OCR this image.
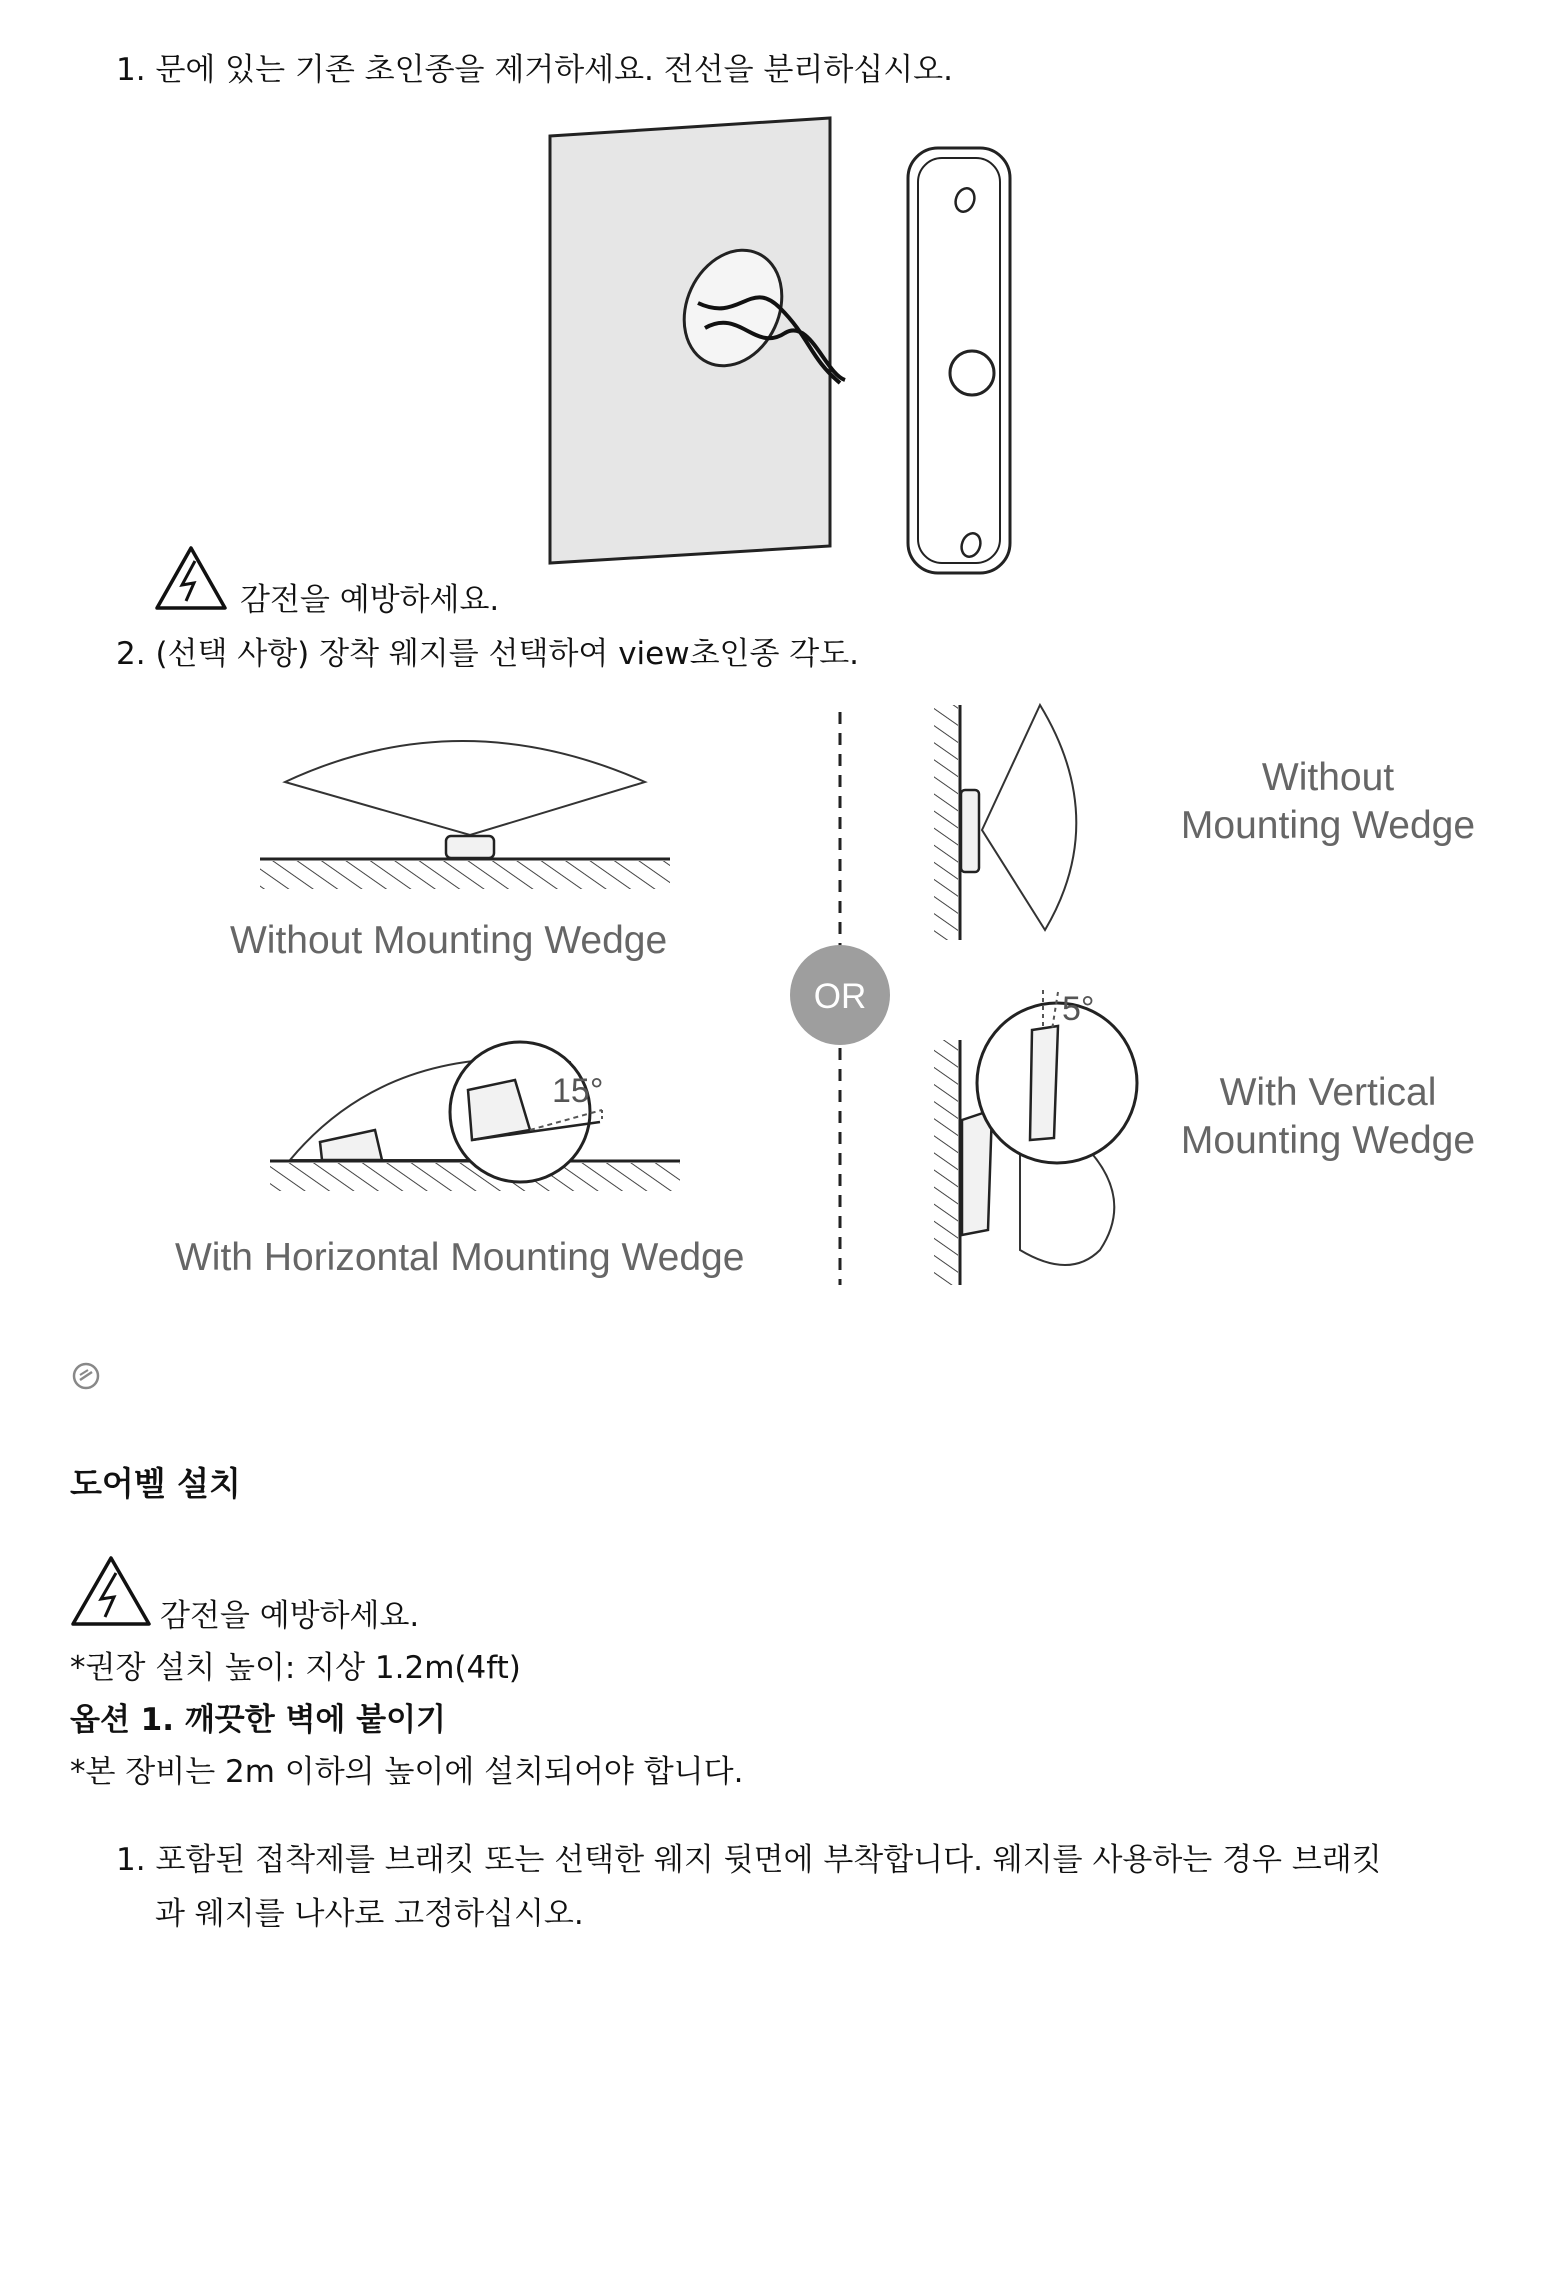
1. 문에 있는 기존 초인종을 제거하세요. 전선을 분리하십시오.
감전을 예방하세요.
2. (선택 사항) 장착 웨지를 선택하여 view초인종 각도.
Without Mounting Wedge
15°
With Horizontal Mounting Wedge
OR
Without
Mounting Wedge
5°
With Vertical
Mounting Wedge
도어벨 설치
감전을 예방하세요.
*권장 설치 높이: 지상 1.2m(4ft)
옵션 1. 깨끗한 벽에 붙이기
*본 장비는 2m 이하의 높이에 설치되어야 합니다.
1. 포함된 접착제를 브래킷 또는 선택한 웨지 뒷면에 부착합니다. 웨지를 사용하는 경우 브래킷
과 웨지를 나사로 고정하십시오.
